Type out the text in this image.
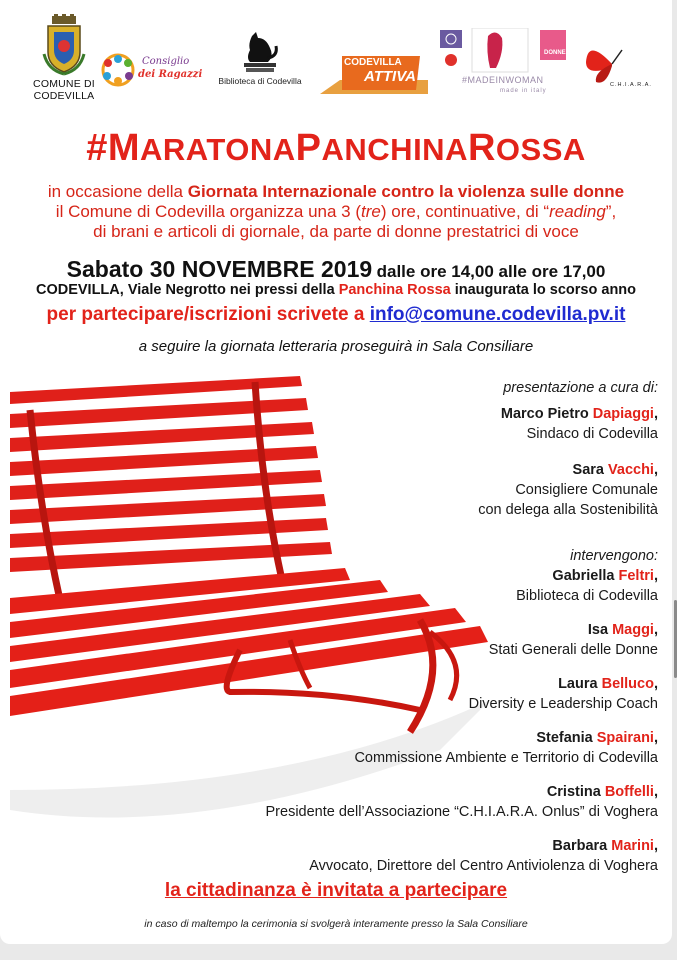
COMUNE DI CODEVILLA
Consiglio
dei Ragazzi
Biblioteca di Codevilla
CODEVILLA
ATTIVA
DONNE
#MADEINWOMAN
made in italy
C.H.I.A.R.A.
#MARATONAPANCHINAROSSA
in occasione della Giornata Internazionale contro la violenza sulle donne
il Comune di Codevilla organizza una 3 (tre) ore, continuative, di “reading”,
di brani e articoli di giornale, da parte di donne prestatrici di voce
Sabato 30 NOVEMBRE 2019 dalle ore 14,00 alle ore 17,00
CODEVILLA, Viale Negrotto nei pressi della Panchina Rossa inaugurata lo scorso anno
per partecipare/iscrizioni scrivete a info@comune.codevilla.pv.it
a seguire la giornata letteraria proseguirà in Sala Consiliare
presentazione a cura di:
Marco Pietro Dapiaggi,
Sindaco di Codevilla
Sara Vacchi,
Consigliere Comunale
con delega alla Sostenibilità
intervengono:
Gabriella Feltri,
Biblioteca di Codevilla
Isa Maggi,
Stati Generali delle Donne
Laura Belluco,
Diversity e Leadership Coach
Stefania Spairani,
Commissione Ambiente e Territorio di Codevilla
Cristina Boffelli,
Presidente dell’Associazione “C.H.I.A.R.A. Onlus” di Voghera
Barbara Marini,
Avvocato, Direttore del Centro Antiviolenza di Voghera
la cittadinanza è invitata a partecipare
in caso di maltempo la cerimonia si svolgerà interamente presso la Sala Consiliare
